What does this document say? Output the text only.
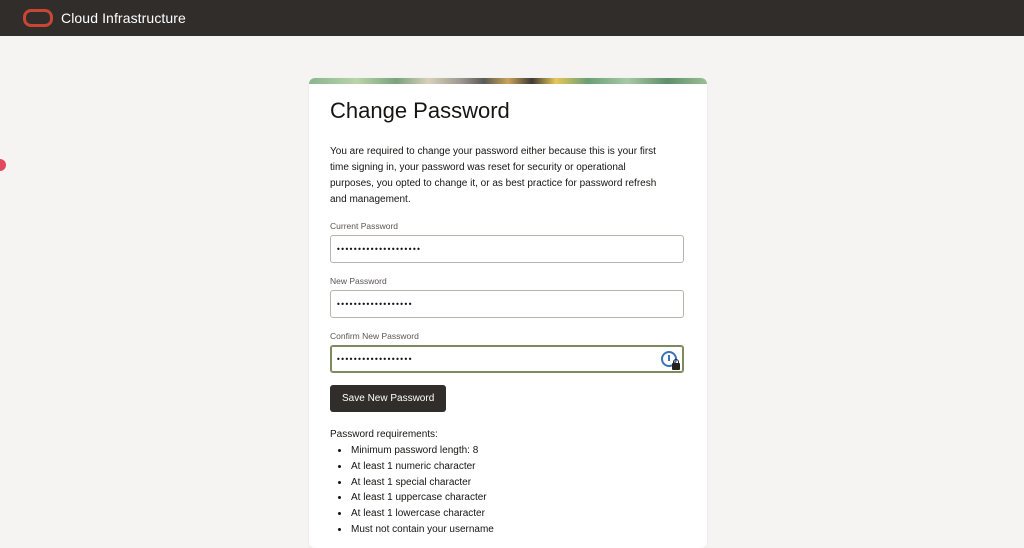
Cloud Infrastructure
Change Password
You are required to change your password either because this is your first time signing in, your password was reset for security or operational purposes, you opted to change it, or as best practice for password refresh and management.
Current Password
••••••••••••••••••••
New Password
••••••••••••••••••
Confirm New Password
••••••••••••••••••
Save New Password
Password requirements:
• Minimum password length: 8
• At least 1 numeric character
• At least 1 special character
• At least 1 uppercase character
• At least 1 lowercase character
• Must not contain your username
